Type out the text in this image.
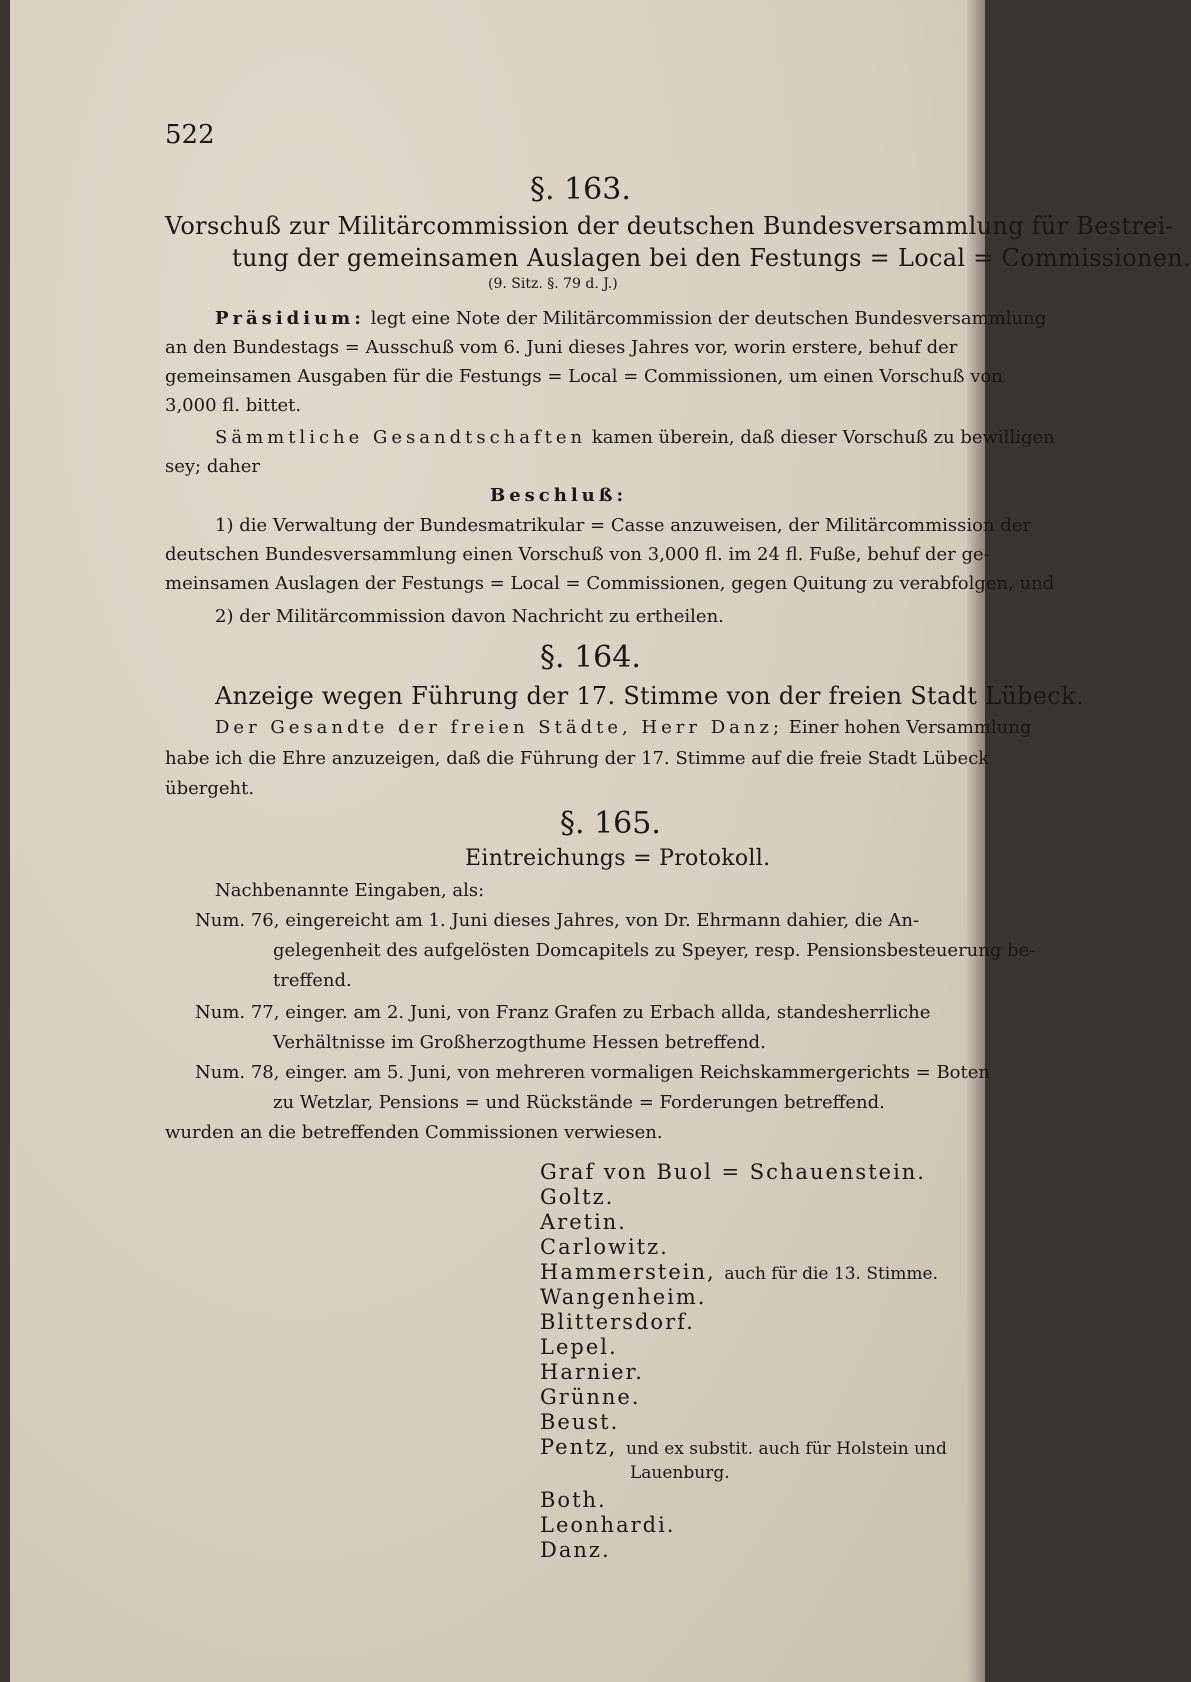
522
§. 163.
Vorschuß zur Militärcommission der deutschen Bundesversammlung für Bestrei-
tung der gemeinsamen Auslagen bei den Festungs = Local = Commissionen.
(9. Sitz. §. 79 d. J.)
Präsidium: legt eine Note der Militärcommission der deutschen Bundesversammlung
an den Bundestags = Ausschuß vom 6. Juni dieses Jahres vor, worin erstere, behuf der
gemeinsamen Ausgaben für die Festungs = Local = Commissionen, um einen Vorschuß von
3,000 fl. bittet.
Sämmtliche Gesandtschaften kamen überein, daß dieser Vorschuß zu bewilligen
sey; daher
Beschluß:
1) die Verwaltung der Bundesmatrikular = Casse anzuweisen, der Militärcommission der
deutschen Bundesversammlung einen Vorschuß von 3,000 fl. im 24 fl. Fuße, behuf der ge-
meinsamen Auslagen der Festungs = Local = Commissionen, gegen Quitung zu verabfolgen, und
2) der Militärcommission davon Nachricht zu ertheilen.
§. 164.
Anzeige wegen Führung der 17. Stimme von der freien Stadt Lübeck.
Der Gesandte der freien Städte, Herr Danz; Einer hohen Versammlung
habe ich die Ehre anzuzeigen, daß die Führung der 17. Stimme auf die freie Stadt Lübeck
übergeht.
§. 165.
Eintreichungs = Protokoll.
Nachbenannte Eingaben, als:
Num. 76, eingereicht am 1. Juni dieses Jahres, von Dr. Ehrmann dahier, die An-
gelegenheit des aufgelösten Domcapitels zu Speyer, resp. Pensionsbesteuerung be-
treffend.
Num. 77, einger. am 2. Juni, von Franz Grafen zu Erbach allda, standesherrliche
Verhältnisse im Großherzogthume Hessen betreffend.
Num. 78, einger. am 5. Juni, von mehreren vormaligen Reichskammergerichts = Boten
zu Wetzlar, Pensions = und Rückstände = Forderungen betreffend.
wurden an die betreffenden Commissionen verwiesen.
Graf von Buol = Schauenstein.
Goltz.
Aretin.
Carlowitz.
Hammerstein, auch für die 13. Stimme.
Wangenheim.
Blittersdorf.
Lepel.
Harnier.
Grünne.
Beust.
Pentz, und ex substit. auch für Holstein und
Lauenburg.
Both.
Leonhardi.
Danz.
